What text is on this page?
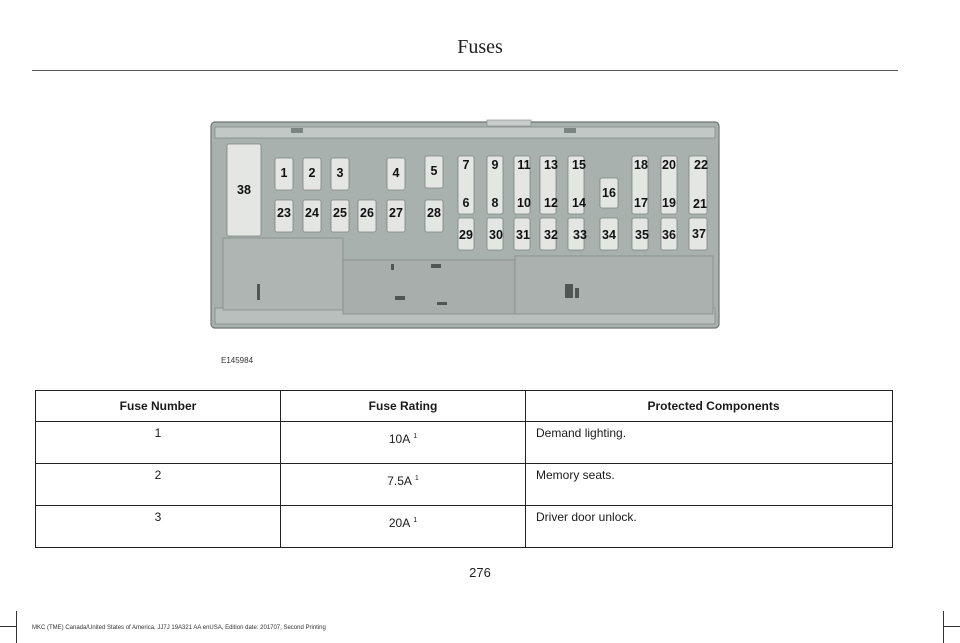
Fuses
38
1 2 3	4 5 7 9 11 13 15	18 20 22
16
23 24 25 26 27 28
6 8 10 12 14	17 19 21
29 30 31 32 33 34 35 36 37
E145984
Fuse Number	Fuse Rating	Protected Components
1	10A $^1$	Demand lighting.
2	7.5A $^1$	Memory seats.
3	20A $^1$	Driver door unlock.
276
MKC (TME) Canada/United States of America, JJ7J 19A321 AA enUSA, Edition date: 201707, Second Printing
